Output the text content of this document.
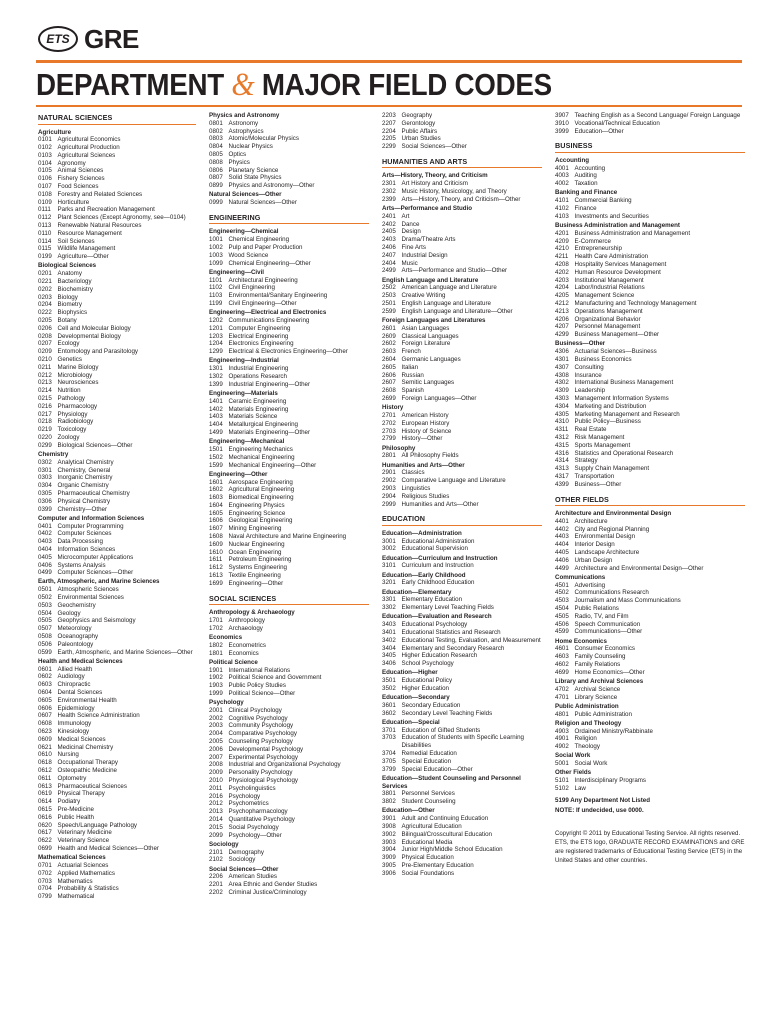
ETS GRE
DEPARTMENT & MAJOR FIELD CODES
NATURAL SCIENCES
Agriculture
0101 Agricultural Economics
0102 Agricultural Production
0103 Agricultural Sciences
0104 Agronomy
0105 Animal Sciences
0106 Fishery Sciences
0107 Food Sciences
0108 Forestry and Related Sciences
0109 Horticulture
0111	Parks and Recreation Management
0112 Plant Sciences (Except Agronomy, see—0104)
0113 Renewable Natural Resources
0110 Resource Management
0114 Soil Sciences
0115 Wildlife Management
0199 Agriculture—Other
Biological Sciences
0201 Anatomy
0221 Bacteriology
0202 Biochemistry
0203 Biology
0204 Biometry
0222 Biophysics
0205 Botany
0206 Cell and Molecular Biology
0208 Developmental Biology
0207 Ecology
0209 Entomology and Parasitology
0210 Genetics
0211 Marine Biology
0212 Microbiology
0213 Neurosciences
0214 Nutrition
0215 Pathology
0216 Pharmacology
0217 Physiology
0218 Radiobiology
0219 Toxicology
0220 Zoology
0299 Biological Sciences—Other
Chemistry
0302 Analytical Chemistry
0301 Chemistry, General
0303 Inorganic Chemistry
0304 Organic Chemistry
0305 Pharmaceutical Chemistry
0306 Physical Chemistry
0399 Chemistry—Other
Computer and Information Sciences
0401 Computer Programming
0402 Computer Sciences
0403 Data Processing
0404 Information Sciences
0405 Microcomputer Applications
0406 Systems Analysis
0499 Computer Sciences—Other
Earth, Atmospheric, and Marine Sciences
0501 Atmospheric Sciences
0502 Environmental Sciences
0503 Geochemistry
0504 Geology
0505 Geophysics and Seismology
0507 Meteorology
0508 Oceanography
0506 Paleontology
0599 Earth, Atmospheric, and Marine Sciences—Other
Health and Medical Sciences
0601 Allied Health
0602 Audiology
0603 Chiropractic
0604 Dental Sciences
0605 Environmental Health
0606 Epidemiology
0607 Health Science Administration
0608 Immunology
0623 Kinesiology
0609 Medical Sciences
0621 Medicinal Chemistry
0610 Nursing
0618 Occupational Therapy
0612 Osteopathic Medicine
0611 Optometry
0613 Pharmaceutical Sciences
0619 Physical Therapy
0614 Podiatry
0615 Pre-Medicine
0616 Public Health
0620 Speech/Language Pathology
0617 Veterinary Medicine
0622 Veterinary Science
0699 Health and Medical Sciences—Other
Mathematical Sciences
0701 Actuarial Sciences
0702 Applied Mathematics
0703 Mathematics
0704 Probability & Statistics
0799 Mathematical
Physics and Astronomy
0801 Astronomy
0802 Astrophysics
0803 Atomic/Molecular Physics
0804 Nuclear Physics
0805 Optics
0808 Physics
0806 Planetary Science
0807 Solid State Physics
0899 Physics and Astronomy—Other
Natural Sciences—Other
0999 Natural Sciences—Other
ENGINEERING
Engineering—Chemical
1001 Chemical Engineering
1002 Pulp and Paper Production
1003 Wood Science
1099 Chemical Engineering—Other
Engineering—Civil
1101 Architectural Engineering
1102 Civil Engineering
1103 Environmental/Sanitary Engineering
1199 Civil Engineering—Other
Engineering—Electrical and Electronics
1202 Communications Engineering
1201 Computer Engineering
1203 Electrical Engineering
1204 Electronics Engineering
1299 Electrical & Electronics Engineering—Other
Engineering—Industrial
1301 Industrial Engineering
1302 Operations Research
1399 Industrial Engineering—Other
Engineering—Materials
1401 Ceramic Engineering
1402 Materials Engineering
1403 Materials Science
1404 Metallurgical Engineering
1499 Materials Engineering—Other
Engineering—Mechanical
1501 Engineering Mechanics
1502 Mechanical Engineering
1599 Mechanical Engineering—Other
Engineering—Other
1601 Aerospace Engineering
1602 Agricultural Engineering
1603 Biomedical Engineering
1604 Engineering Physics
1605 Engineering Science
1606 Geological Engineering
1607 Mining Engineering
1608 Naval Architecture and Marine Engineering
1609 Nuclear Engineering
1610 Ocean Engineering
1611 Petroleum Engineering
1612 Systems Engineering
1613 Textile Engineering
1699 Engineering—Other
SOCIAL SCIENCES
Anthropology & Archaeology
1701 Anthropology
1702 Archaeology
Economics
1802 Econometrics
1801 Economics
Political Science
1901 International Relations
1902 Political Science and Government
1903 Public Policy Studies
1999 Political Science—Other
Psychology
2001 Clinical Psychology
2002 Cognitive Psychology
2003 Community Psychology
2004 Comparative Psychology
2005 Counseling Psychology
2006 Developmental Psychology
2007 Experimental Psychology
2008 Industrial and Organizational Psychology
2009 Personality Psychology
2010 Physiological Psychology
2011 Psycholinguistics
2016 Psychology
2012 Psychometrics
2013 Psychopharmacology
2014 Quantitative Psychology
2015 Social Psychology
2099 Psychology—Other
Sociology
2101 Demography
2102 Sociology
Social Sciences—Other
2206 American Studies
2201 Area Ethnic and Gender Studies
2202 Criminal Justice/Criminology
2203 Geography
2207 Gerontology
2204 Public Affairs
2205 Urban Studies
2299 Social Sciences—Other
HUMANITIES AND ARTS
Arts—History, Theory, and Criticism
2301 Art History and Criticism
2302 Music History, Musicology, and Theory
2399 Arts—History, Theory, and Criticism—Other
Arts—Performance and Studio
2401 Art
2402 Dance
2405 Design
2403 Drama/Theatre Arts
2406 Fine Arts
2407 Industrial Design
2404 Music
2499 Arts—Performance and Studio—Other
English Language and Literature
2502 American Language and Literature
2503 Creative Writing
2501 English Language and Literature
2599 English Language and Literature—Other
Foreign Languages and Literatures
2601 Asian Languages
2609 Classical Languages
2602 Foreign Literature
2603 French
2604 Germanic Languages
2605 Italian
2606 Russian
2607 Semitic Languages
2608 Spanish
2699 Foreign Languages—Other
History
2701 American History
2702 European History
2703 History of Science
2799 History—Other
Philosophy
2801 All Philosophy Fields
Humanities and Arts—Other
2901 Classics
2902 Comparative Language and Literature
2903 Linguistics
2904 Religious Studies
2999 Humanities and Arts—Other
EDUCATION
Education—Administration
3001 Educational Administration
3002 Educational Supervision
Education—Curriculum and Instruction
3101 Curriculum and Instruction
Education—Early Childhood
3201 Early Childhood Education
Education—Elementary
3301 Elementary Education
3302 Elementary Level Teaching Fields
Education—Evaluation and Research
3403 Educational Psychology
3401 Educational Statistics and Research
3402 Educational Testing, Evaluation, and Measurement
3404 Elementary and Secondary Research
3405 Higher Education Research
3406 School Psychology
Education—Higher
3501 Educational Policy
3502 Higher Education
Education—Secondary
3601 Secondary Education
3602 Secondary Level Teaching Fields
Education—Special
3701 Education of Gifted Students
3703 Education of Students with Specific Learning Disabilities
3704 Remedial Education
3705 Special Education
3799 Special Education—Other
Education—Student Counseling and Personnel Services
3801 Personnel Services
3802 Student Counseling
Education—Other
3901 Adult and Continuing Education
3908 Agricultural Education
3902 Bilingual/Crosscultural Education
3903 Educational Media
3904 Junior High/Middle School Education
3909 Physical Education
3905 Pre-Elementary Education
3906 Social Foundations
3907 Teaching English as a Second Language/ Foreign Language
3910 Vocational/Technical Education
3999 Education—Other
BUSINESS
Accounting
4001 Accounting
4003 Auditing
4002 Taxation
Banking and Finance
4101 Commercial Banking
4102 Finance
4103 Investments and Securities
Business Administration and Management
4201 Business Administration and Management
4209 E-Commerce
4210 Entrepreneurship
4211 Health Care Administration
4208 Hospitality Services Management
4202 Human Resource Development
4203 Institutional Management
4204 Labor/Industrial Relations
4205 Management Science
4212 Manufacturing and Technology Management
4213 Operations Management
4206 Organizational Behavior
4207 Personnel Management
4299 Business Management—Other
Business—Other
4306 Actuarial Sciences—Business
4301 Business Economics
4307 Consulting
4308 Insurance
4302 International Business Management
4309 Leadership
4303 Management Information Systems
4304 Marketing and Distribution
4305 Marketing Management and Research
4310 Public Policy—Business
4311 Real Estate
4312 Risk Management
4315 Sports Management
4316 Statistics and Operational Research
4314 Strategy
4313 Supply Chain Management
4317 Transportation
4399 Business—Other
OTHER FIELDS
Architecture and Environmental Design
4401 Architecture
4402 City and Regional Planning
4403 Environmental Design
4404 Interior Design
4405 Landscape Architecture
4406 Urban Design
4499 Architecture and Environmental Design—Other
Communications
4501 Advertising
4502 Communications Research
4503 Journalism and Mass Communications
4504 Public Relations
4505 Radio, TV, and Film
4506 Speech Communication
4599 Communications—Other
Home Economics
4601 Consumer Economics
4603 Family Counseling
4602 Family Relations
4699 Home Economics—Other
Library and Archival Sciences
4702 Archival Science
4701 Library Science
Public Administration
4801 Public Administration
Religion and Theology
4903 Ordained Ministry/Rabbinate
4901 Religion
4902 Theology
Social Work
5001 Social Work
Other Fields
5101 Interdisciplinary Programs
5102 Law
5199 Any Department Not Listed
NOTE: If undecided, use 0000.
Copyright © 2011 by Educational Testing Service. All rights reserved. ETS, the ETS logo, GRADUATE RECORD EXAMINATIONS and GRE are registered trademarks of Educational Testing Service (ETS) in the United States and other countries.
